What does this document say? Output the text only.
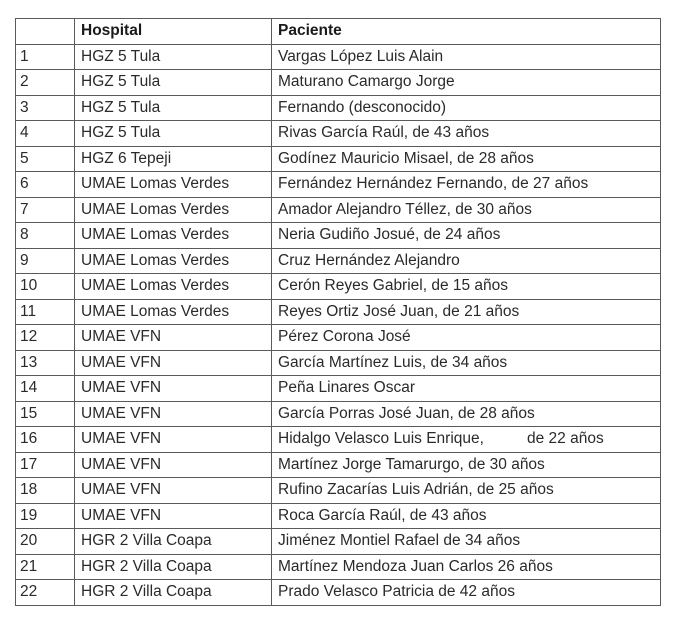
	Hospital	Paciente
1	HGZ 5 Tula	Vargas López Luis Alain
2	HGZ 5 Tula	Maturano Camargo Jorge
3	HGZ 5 Tula	Fernando (desconocido)
4	HGZ 5 Tula	Rivas García Raúl, de 43 años
5	HGZ 6 Tepeji	Godínez Mauricio Misael, de 28 años
6	UMAE Lomas Verdes	Fernández Hernández Fernando, de 27 años
7	UMAE Lomas Verdes	Amador Alejandro Téllez, de 30 años
8	UMAE Lomas Verdes	Neria Gudiño Josué, de 24 años
9	UMAE Lomas Verdes	Cruz Hernández Alejandro
10	UMAE Lomas Verdes	Cerón Reyes Gabriel, de 15 años
11	UMAE Lomas Verdes	Reyes Ortiz José Juan, de 21 años
12	UMAE VFN	Pérez Corona José
13	UMAE VFN	García Martínez Luis, de 34 años
14	UMAE VFN	Peña Linares Oscar
15	UMAE VFN	García Porras José Juan, de 28 años
16	UMAE VFN	Hidalgo Velasco Luis Enrique,          de 22 años
17	UMAE VFN	Martínez Jorge Tamarurgo, de 30 años
18	UMAE VFN	Rufino Zacarías Luis Adrián, de 25 años
19	UMAE VFN	Roca García Raúl, de 43 años
20	HGR 2 Villa Coapa	Jiménez Montiel Rafael de 34 años
21	HGR 2 Villa Coapa	Martínez Mendoza Juan Carlos 26 años
22	HGR 2 Villa Coapa	Prado Velasco Patricia de 42 años
